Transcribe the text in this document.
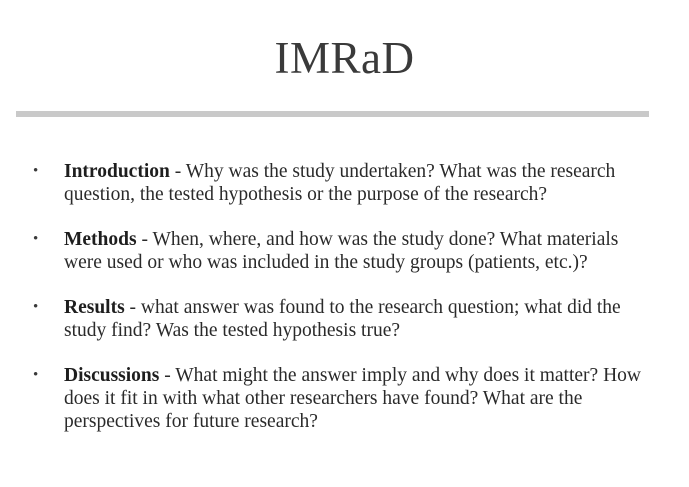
IMRaD
• Introduction - Why was the study undertaken? What was the research question, the tested hypothesis or the purpose of the research?
• Methods - When, where, and how was the study done? What materials were used or who was included in the study groups (patients, etc.)?
• Results - what answer was found to the research question; what did the study find? Was the tested hypothesis true?
• Discussions - What might the answer imply and why does it matter? How does it fit in with what other researchers have found? What are the perspectives for future research?
